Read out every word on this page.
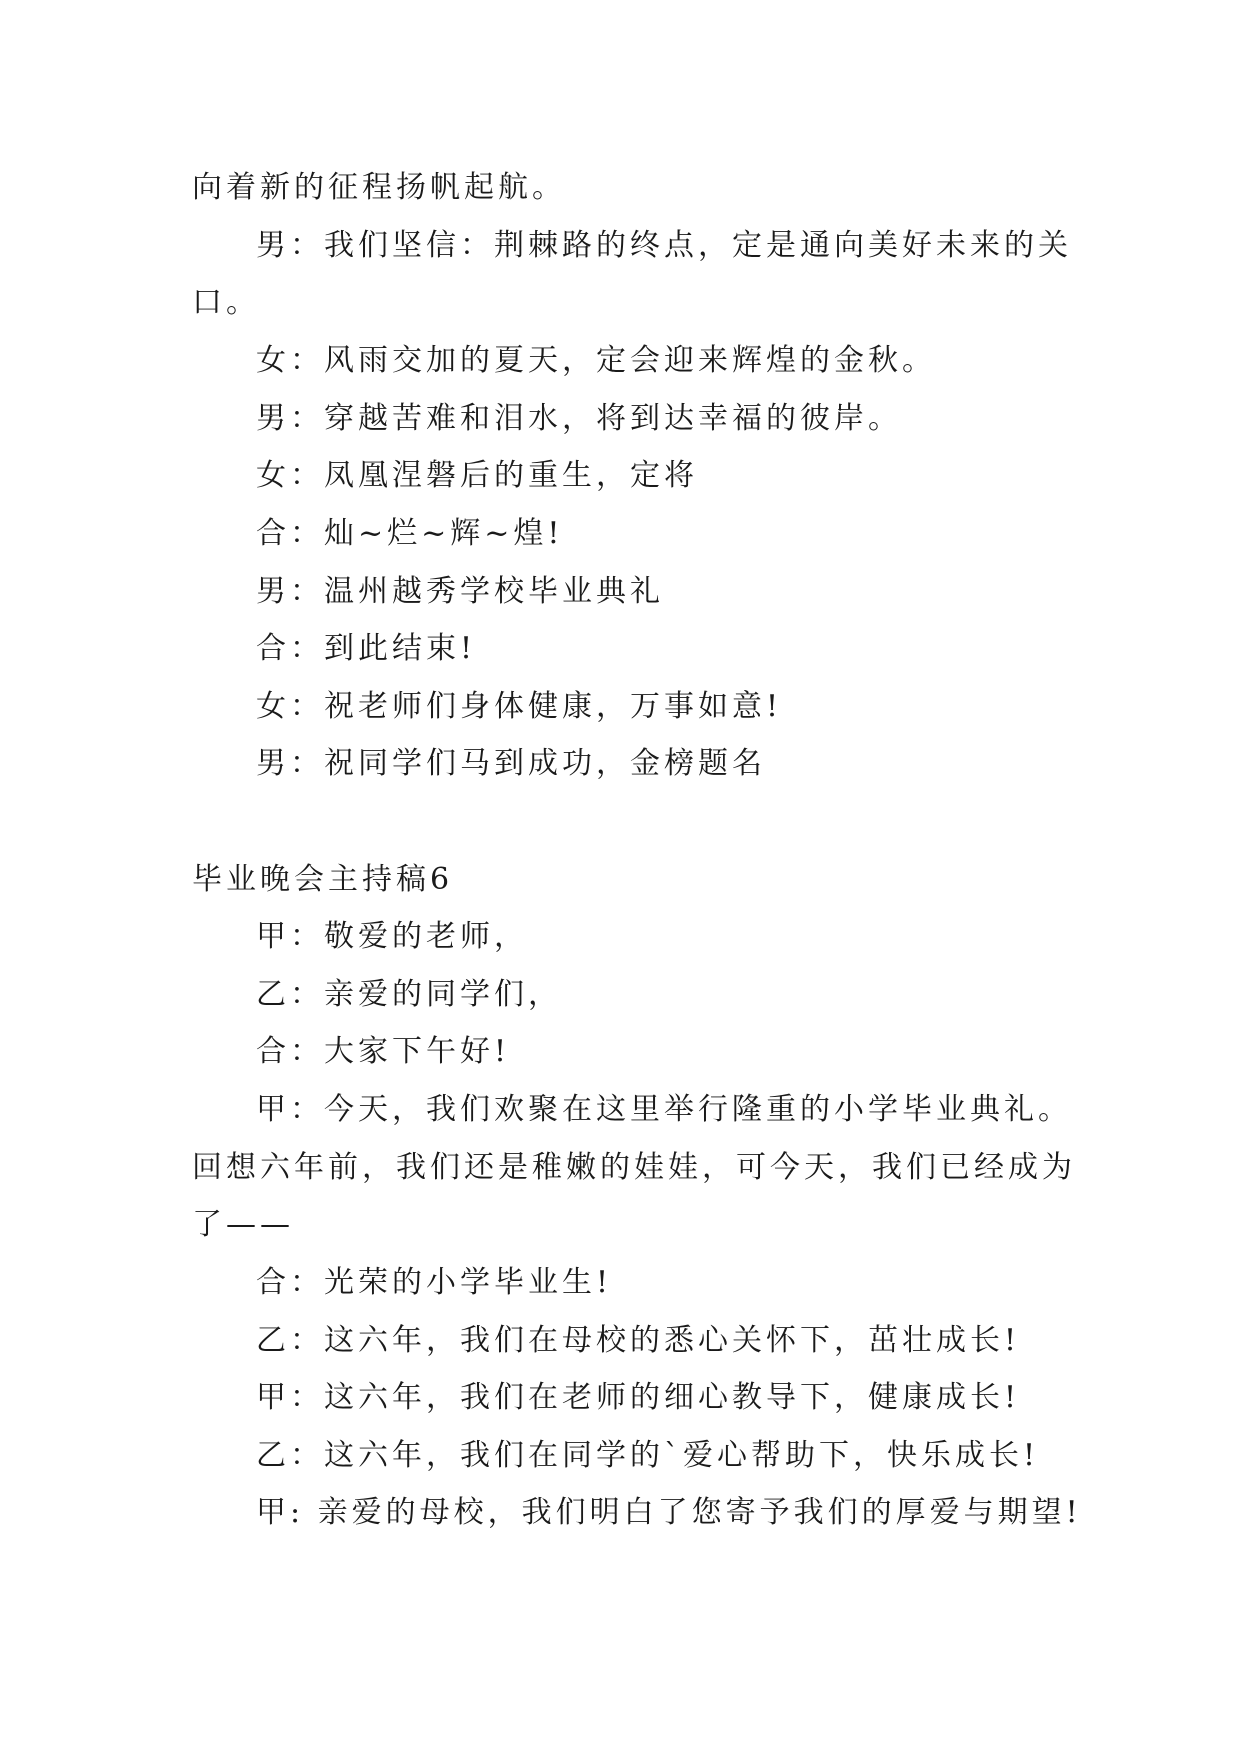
向着新的征程扬帆起航。
男：我们坚信：荆棘路的终点，定是通向美好未来的关
口。
女：风雨交加的夏天，定会迎来辉煌的金秋。
男：穿越苦难和泪水，将到达幸福的彼岸。
女：凤凰涅磐后的重生，定将
合：灿~烂~辉~煌!
男：温州越秀学校毕业典礼
合：到此结束!
女：祝老师们身体健康，万事如意!
男：祝同学们马到成功，金榜题名
毕业晚会主持稿6
甲：敬爱的老师，
乙：亲爱的同学们，
合：大家下午好!
甲：今天，我们欢聚在这里举行隆重的小学毕业典礼。
回想六年前，我们还是稚嫩的娃娃，可今天，我们已经成为
了——
合：光荣的小学毕业生!
乙：这六年，我们在母校的悉心关怀下，茁壮成长!
甲：这六年，我们在老师的细心教导下，健康成长!
乙：这六年，我们在同学的`爱心帮助下，快乐成长!
甲: 亲爱的母校，我们明白了您寄予我们的厚爱与期望!
